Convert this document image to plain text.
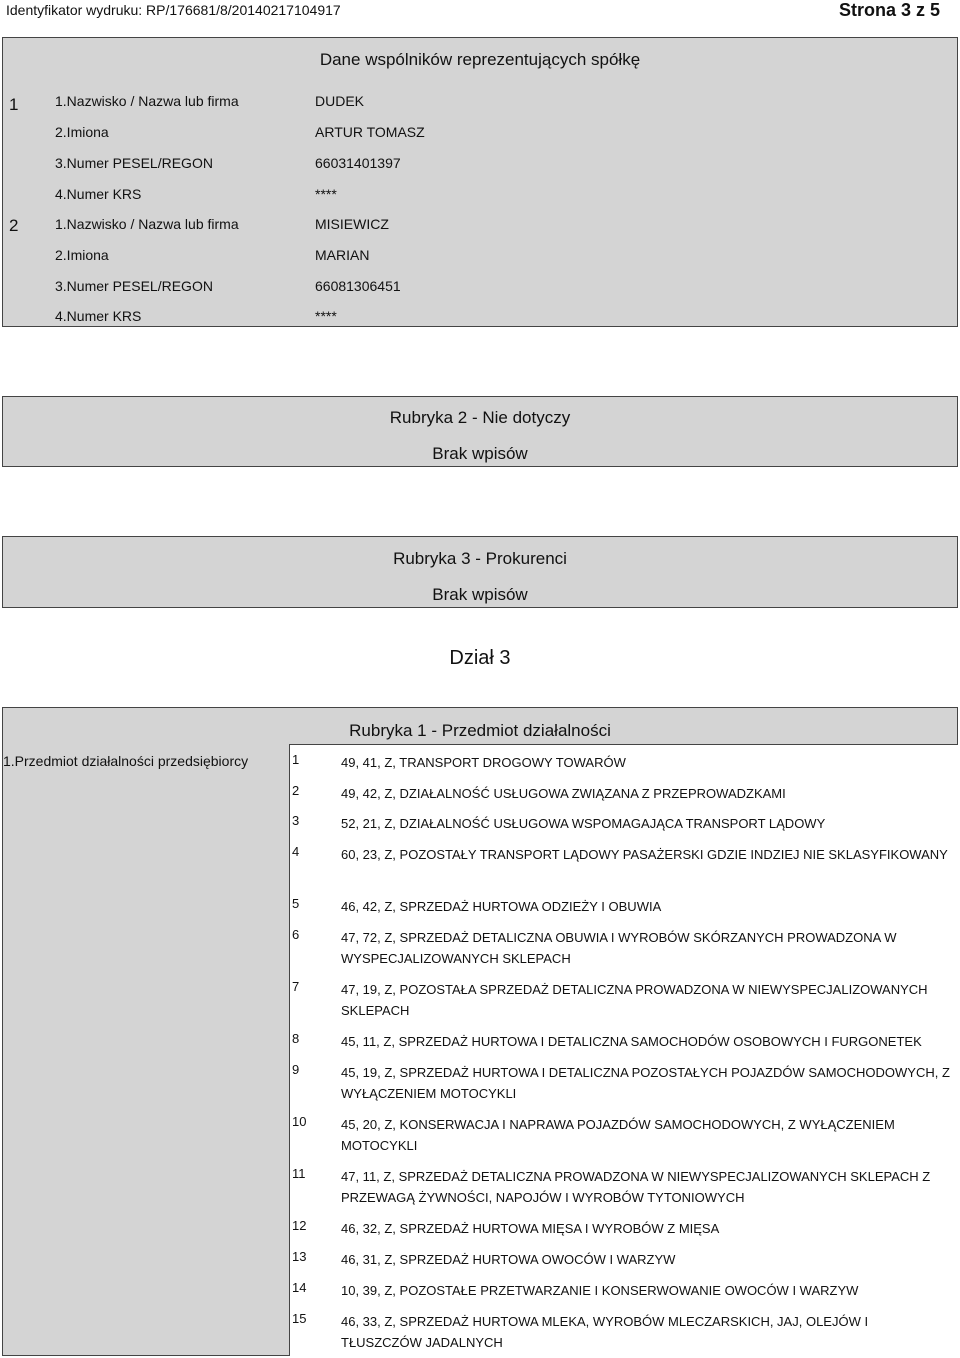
Identyfikator wydruku: RP/176681/8/20140217104917	Strona 3 z 5
Dane wspólników reprezentujących spółkę
1	1.Nazwisko / Nazwa lub firma	DUDEK
2.Imiona	ARTUR TOMASZ
3.Numer PESEL/REGON	66031401397
4.Numer KRS	****
2	1.Nazwisko / Nazwa lub firma	MISIEWICZ
2.Imiona	MARIAN
3.Numer PESEL/REGON	66081306451
4.Numer KRS	****
Rubryka 2 - Nie dotyczy
Brak wpisów
Rubryka 3 - Prokurenci
Brak wpisów
Dział 3
Rubryka 1 - Przedmiot działalności
1.Przedmiot działalności przedsiębiorcy	1	49, 41, Z, TRANSPORT DROGOWY TOWARÓW
2	49, 42, Z, DZIAŁALNOŚĆ USŁUGOWA ZWIĄZANA Z PRZEPROWADZKAMI
3	52, 21, Z, DZIAŁALNOŚĆ USŁUGOWA WSPOMAGAJĄCA TRANSPORT LĄDOWY
4	60, 23, Z, POZOSTAŁY TRANSPORT LĄDOWY PASAŻERSKI GDZIE INDZIEJ NIE SKLASYFIKOWANY
5	46, 42, Z, SPRZEDAŻ HURTOWA ODZIEŻY I OBUWIA
6	47, 72, Z, SPRZEDAŻ DETALICZNA OBUWIA I WYROBÓW SKÓRZANYCH PROWADZONA W WYSPECJALIZOWANYCH SKLEPACH
7	47, 19, Z, POZOSTAŁA SPRZEDAŻ DETALICZNA PROWADZONA W NIEWYSPECJALIZOWANYCH SKLEPACH
8	45, 11, Z, SPRZEDAŻ HURTOWA I DETALICZNA SAMOCHODÓW OSOBOWYCH I FURGONETEK
9	45, 19, Z, SPRZEDAŻ HURTOWA I DETALICZNA POZOSTAŁYCH POJAZDÓW SAMOCHODOWYCH, Z WYŁĄCZENIEM MOTOCYKLI
10	45, 20, Z, KONSERWACJA I NAPRAWA POJAZDÓW SAMOCHODOWYCH, Z WYŁĄCZENIEM MOTOCYKLI
11	47, 11, Z, SPRZEDAŻ DETALICZNA PROWADZONA W NIEWYSPECJALIZOWANYCH SKLEPACH Z PRZEWAGĄ ŻYWNOŚCI, NAPOJÓW I WYROBÓW TYTONIOWYCH
12	46, 32, Z, SPRZEDAŻ HURTOWA MIĘSA I WYROBÓW Z MIĘSA
13	46, 31, Z, SPRZEDAŻ HURTOWA OWOCÓW I WARZYW
14	10, 39, Z, POZOSTAŁE PRZETWARZANIE I KONSERWOWANIE OWOCÓW I WARZYW
15	46, 33, Z, SPRZEDAŻ HURTOWA MLEKA, WYROBÓW MLECZARSKICH, JAJ, OLEJÓW I TŁUSZCZÓW JADALNYCH
